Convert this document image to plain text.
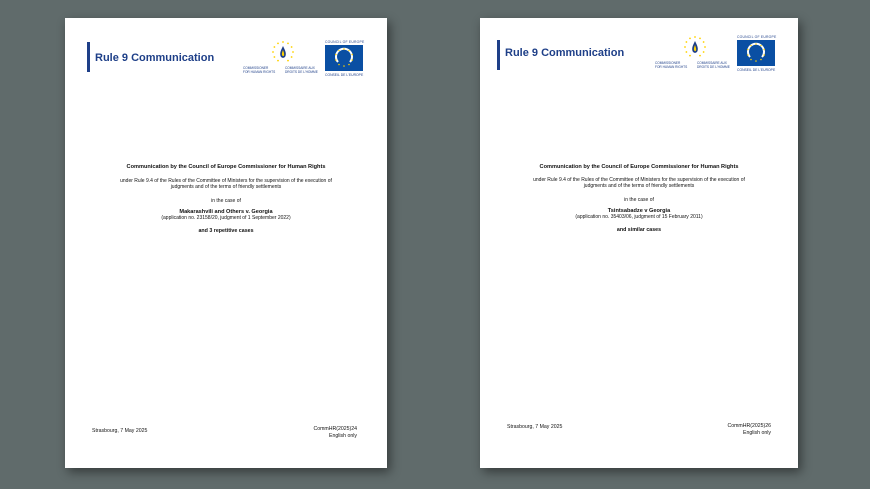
Rule 9 Communication
COMMISSIONER
FOR HUMAN RIGHTS
COMMISSAIRE AUX
DROITS DE L'HOMME
COUNCIL OF EUROPE
CONSEIL DE L'EUROPE
Communication by the Council of Europe Commissioner for Human Rights
under Rule 9.4 of the Rules of the Committee of Ministers for the supervision of the execution of
judgments and of the terms of friendly settlements
in the case of
Makarashvili and Others v. Georgia
(application no. 23158/20, judgment of 1 September 2022)
and 3 repetitive cases
Strasbourg, 7 May 2025	CommHR(2025)24
English only
Rule 9 Communication
COMMISSIONER
FOR HUMAN RIGHTS
COMMISSAIRE AUX
DROITS DE L'HOMME
COUNCIL OF EUROPE
CONSEIL DE L'EUROPE
Communication by the Council of Europe Commissioner for Human Rights
under Rule 9.4 of the Rules of the Committee of Ministers for the supervision of the execution of
judgments and of the terms of friendly settlements
in the case of
Tsintsabadze v Georgia
(application no. 35403/06, judgment of 15 February 2011)
and similar cases
Strasbourg, 7 May 2025	CommHR(2025)26
English only
